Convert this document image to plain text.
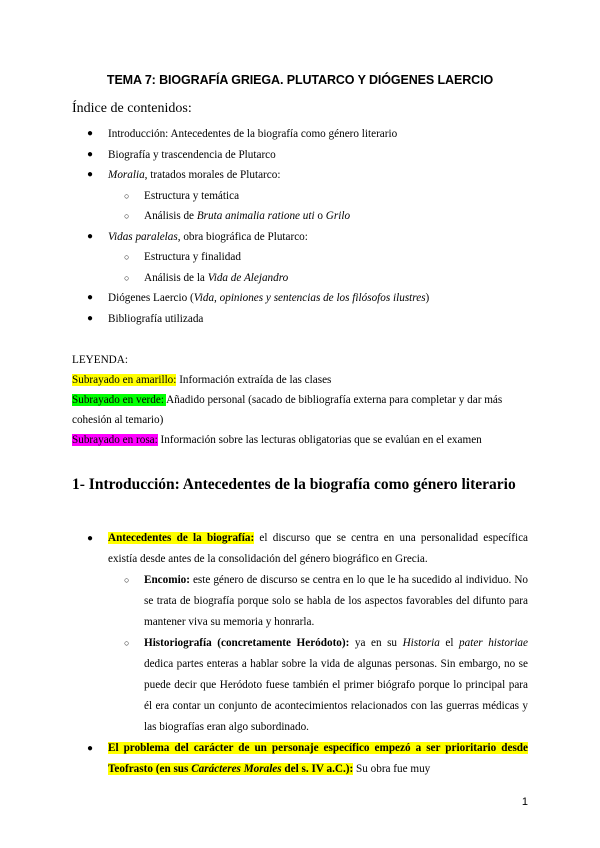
TEMA 7: BIOGRAFÍA GRIEGA. PLUTARCO Y DIÓGENES LAERCIO
Índice de contenidos:
● Introducción: Antecedentes de la biografía como género literario
● Biografía y trascendencia de Plutarco
● Moralia, tratados morales de Plutarco:
○ Estructura y temática
○ Análisis de Bruta animalia ratione uti o Grilo
● Vidas paralelas, obra biográfica de Plutarco:
○ Estructura y finalidad
○ Análisis de la Vida de Alejandro
● Diógenes Laercio (Vida, opiniones y sentencias de los filósofos ilustres)
● Bibliografía utilizada
LEYENDA:
Subrayado en amarillo: Información extraída de las clases
Subrayado en verde: Añadido personal (sacado de bibliografía externa para completar y dar más cohesión al temario)
Subrayado en rosa: Información sobre las lecturas obligatorias que se evalúan en el examen
1- Introducción: Antecedentes de la biografía como género literario
● Antecedentes de la biografía: el discurso que se centra en una personalidad específica existía desde antes de la consolidación del género biográfico en Grecia.

○ Encomio: este género de discurso se centra en lo que le ha sucedido al individuo. No se trata de biografía porque solo se habla de los aspectos favorables del difunto para mantener viva su memoria y honrarla.

○ Historiografía (concretamente Heródoto): ya en su Historia el pater historiae dedica partes enteras a hablar sobre la vida de algunas personas. Sin embargo, no se puede decir que Heródoto fuese también el primer biógrafo porque lo principal para él era contar un conjunto de acontecimientos relacionados con las guerras médicas y las biografías eran algo subordinado.

● El problema del carácter de un personaje específico empezó a ser prioritario desde Teofrasto (en sus Carácteres Morales del s. IV a.C.): Su obra fue muy

1
